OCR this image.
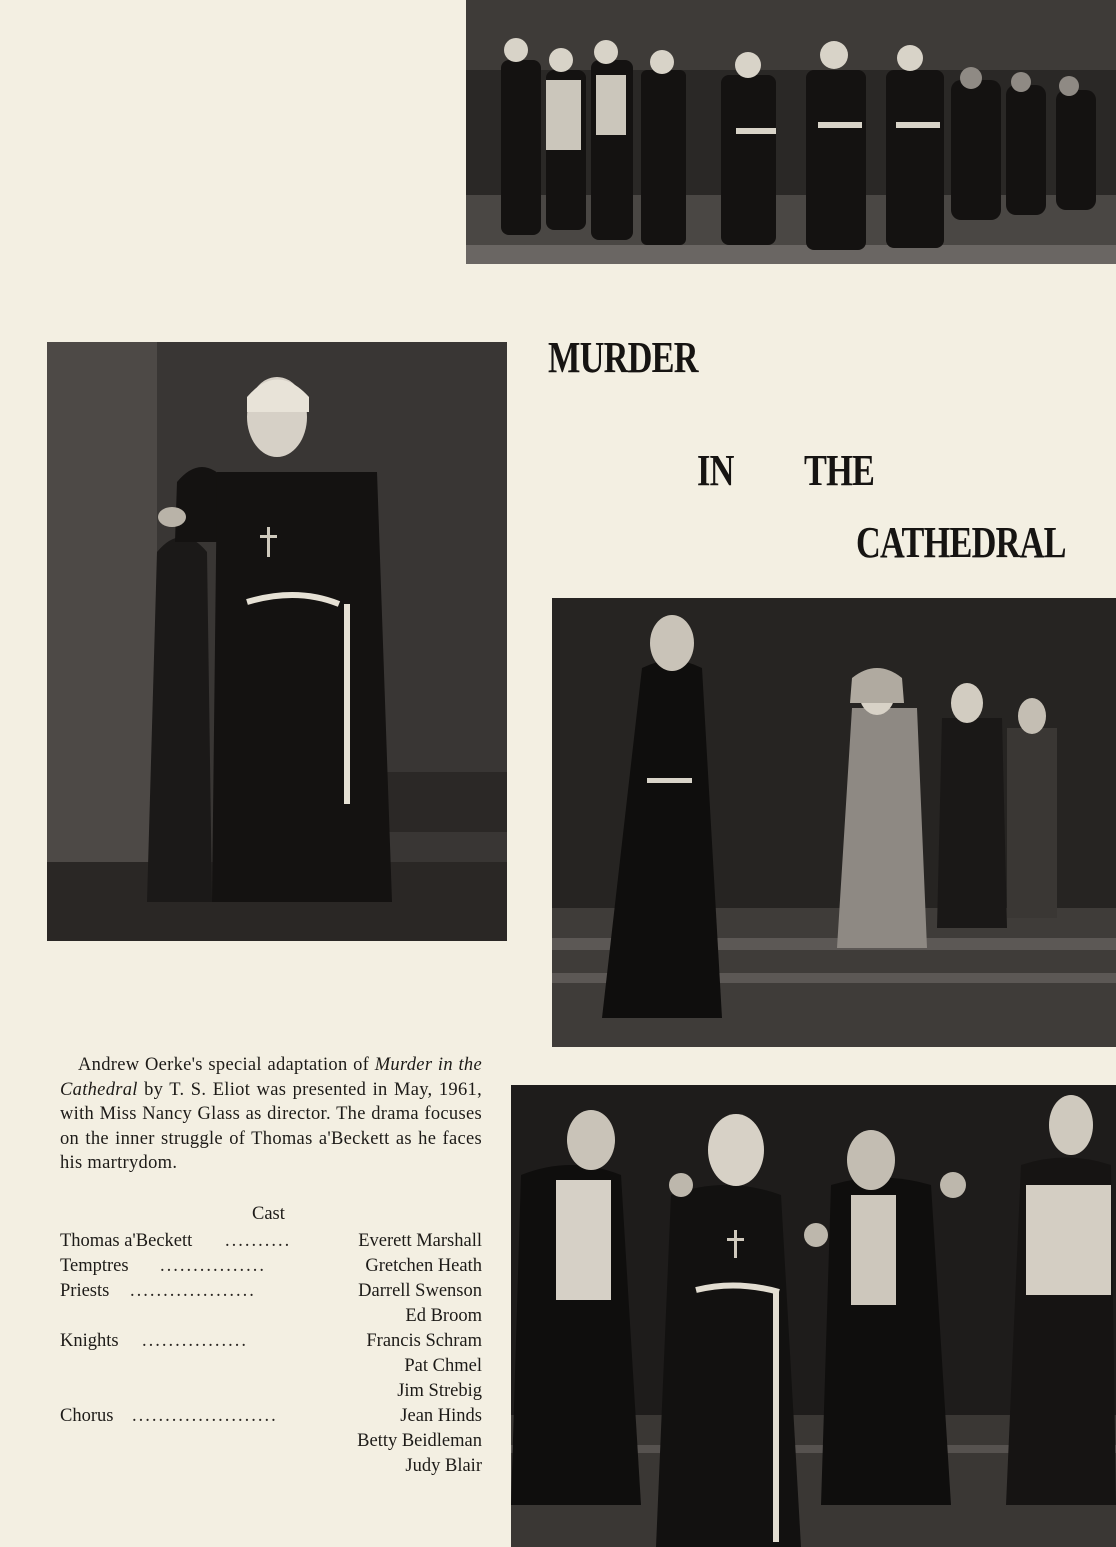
MURDER
IN THE
CATHEDRAL

Andrew Oerke's special adaptation of Murder in the Cathedral by T. S. Eliot was presented in May, 1961, with Miss Nancy Glass as director. The drama focuses on the inner struggle of Thomas a'Beckett as he faces his martrydom.

Cast

Thomas a'Beckett ..........	Everett Marshall
Temptres ................	Gretchen Heath
Priests ...................	Darrell Swenson
Ed Broom
Knights ................	Francis Schram
Pat Chmel
Jim Strebig
Chorus ......................	Jean Hinds
Betty Beidleman
Judy Blair
